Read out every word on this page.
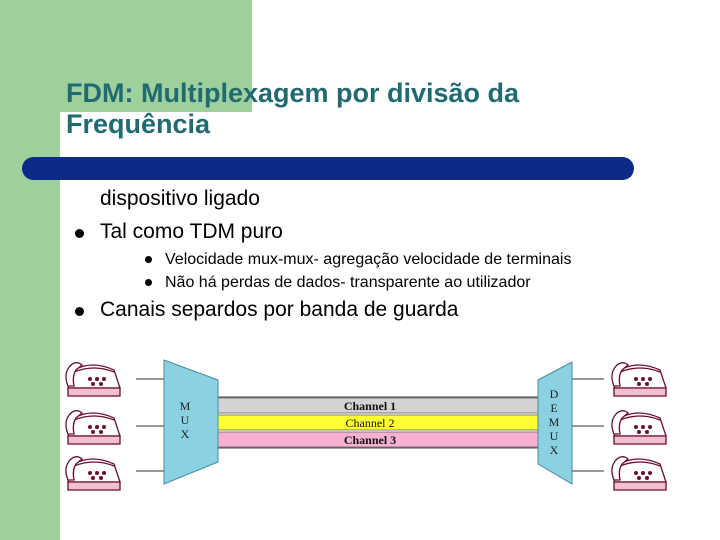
FDM: Multiplexagem por divisão da
Frequência
dispositivo ligado
Tal como TDM puro
Velocidade mux-mux- agregação velocidade de terminais
Não há perdas de dados- transparente ao utilizador
Canais separdos por banda de guarda
Channel 1
Channel 2
Channel 3
M
U
X
D
E
M
U
X
